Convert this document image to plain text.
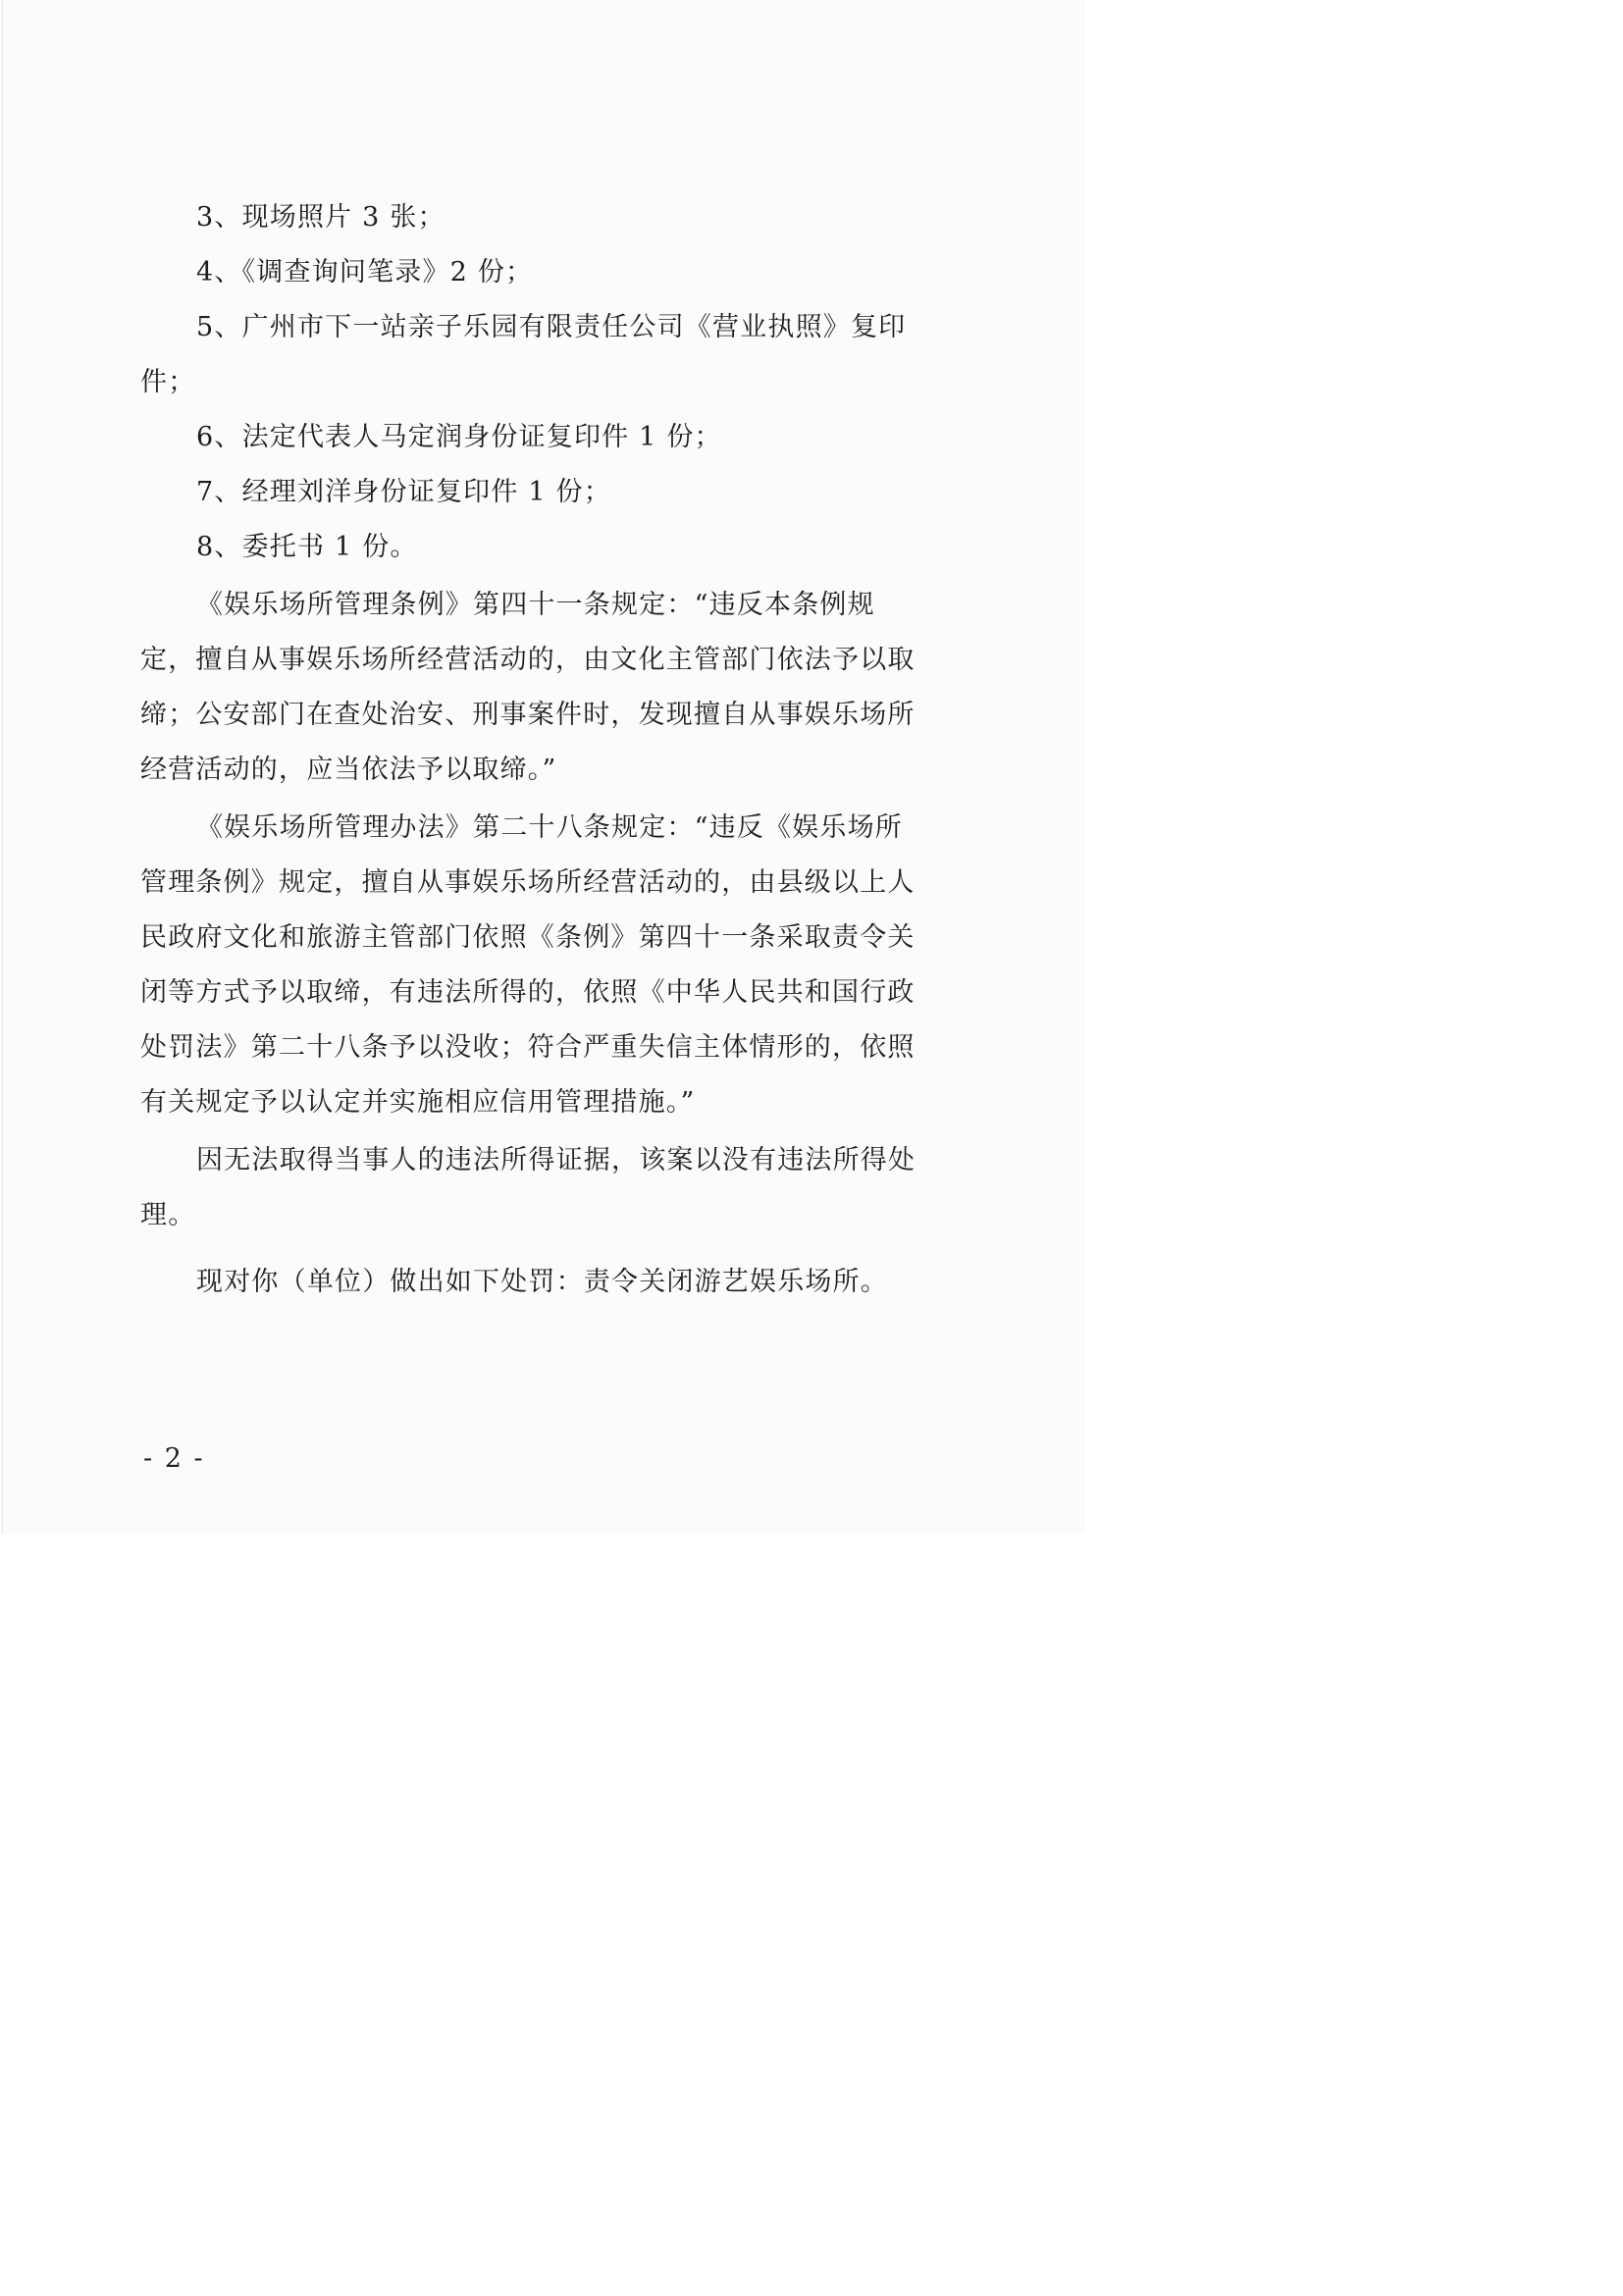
3、现场照片 3 张；
4、《调查询问笔录》2 份；
5、广州市下一站亲子乐园有限责任公司《营业执照》复印
件；
6、法定代表人马定润身份证复印件 1 份；
7、经理刘洋身份证复印件 1 份；
8、委托书 1 份。
《娱乐场所管理条例》第四十一条规定：“违反本条例规
定，擅自从事娱乐场所经营活动的，由文化主管部门依法予以取
缔；公安部门在查处治安、刑事案件时，发现擅自从事娱乐场所
经营活动的，应当依法予以取缔。”
《娱乐场所管理办法》第二十八条规定：“违反《娱乐场所
管理条例》规定，擅自从事娱乐场所经营活动的，由县级以上人
民政府文化和旅游主管部门依照《条例》第四十一条采取责令关
闭等方式予以取缔，有违法所得的，依照《中华人民共和国行政
处罚法》第二十八条予以没收；符合严重失信主体情形的，依照
有关规定予以认定并实施相应信用管理措施。”
因无法取得当事人的违法所得证据，该案以没有违法所得处
理。
现对你（单位）做出如下处罚：责令关闭游艺娱乐场所。
- 2 -
